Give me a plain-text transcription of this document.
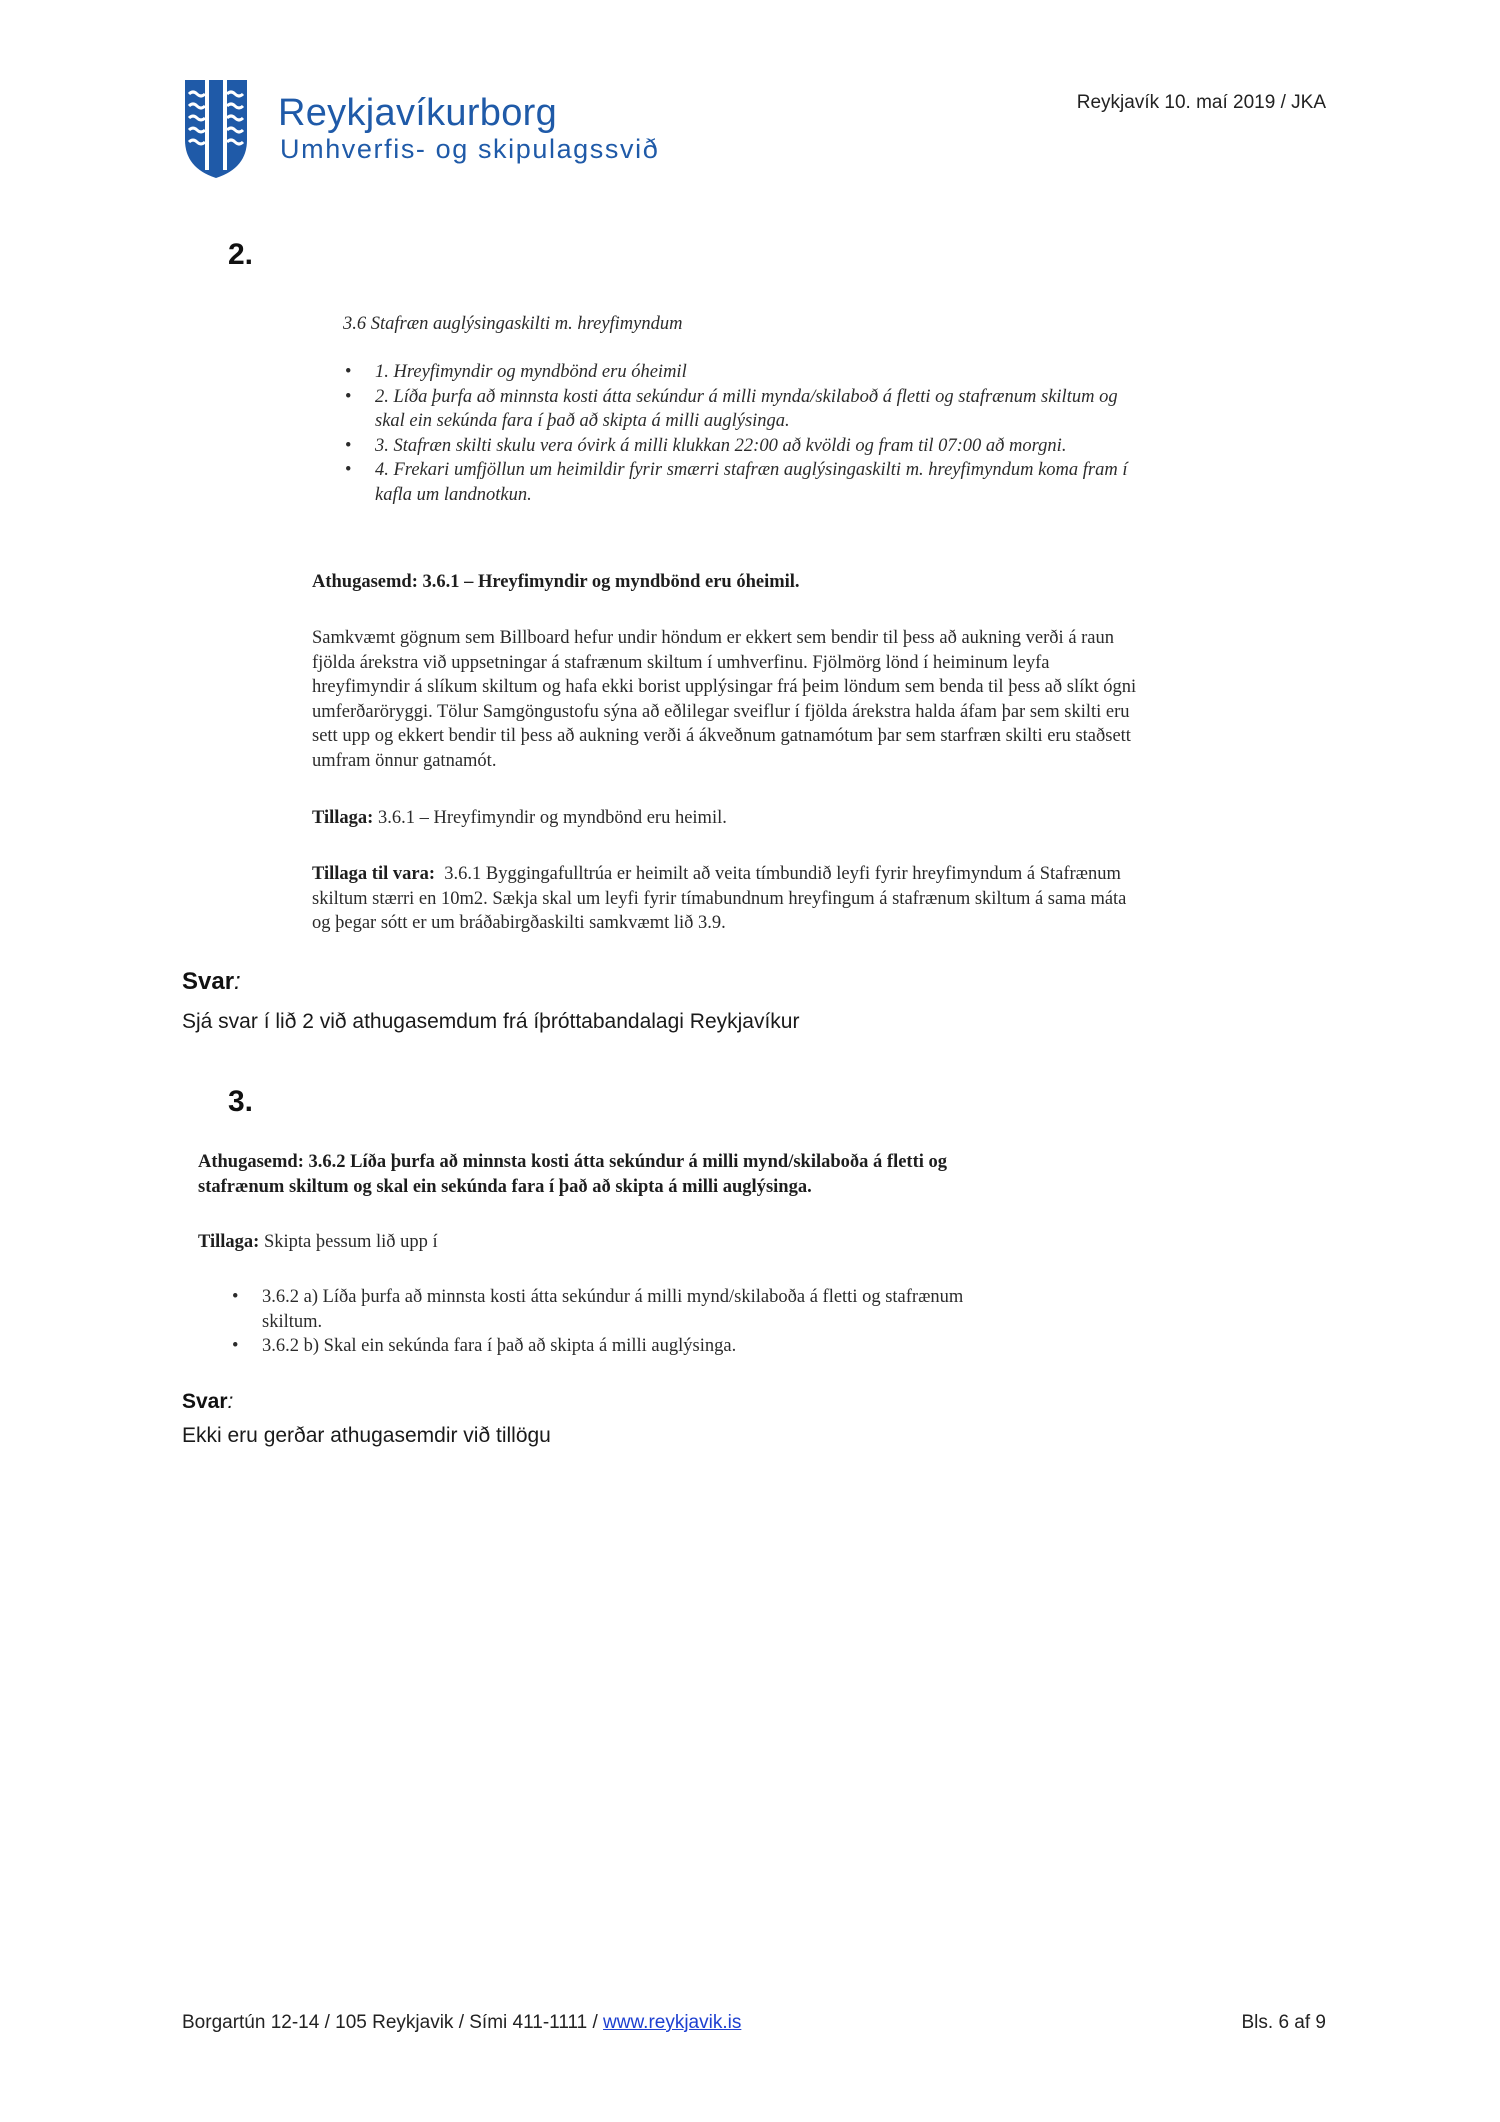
Reykjavíkurborg
Umhverfis- og skipulagssvið
Reykjavík 10. maí 2019 / JKA
2.
3.6 Stafræn auglýsingaskilti m. hreyfimyndum
• 1. Hreyfimyndir og myndbönd eru óheimil
• 2. Líða þurfa að minnsta kosti átta sekúndur á milli mynda/skilaboð á fletti og stafrænum skiltum og skal ein sekúnda fara í það að skipta á milli auglýsinga.
• 3. Stafræn skilti skulu vera óvirk á milli klukkan 22:00 að kvöldi og fram til 07:00 að morgni.
• 4. Frekari umfjöllun um heimildir fyrir smærri stafræn auglýsingaskilti m. hreyfimyndum koma fram í kafla um landnotkun.
Athugasemd: 3.6.1 – Hreyfimyndir og myndbönd eru óheimil.
Samkvæmt gögnum sem Billboard hefur undir höndum er ekkert sem bendir til þess að aukning verði á raun fjölda árekstra við uppsetningar á stafrænum skiltum í umhverfinu. Fjölmörg lönd í heiminum leyfa hreyfimyndir á slíkum skiltum og hafa ekki borist upplýsingar frá þeim löndum sem benda til þess að slíkt ógni umferðaröryggi. Tölur Samgöngustofu sýna að eðlilegar sveiflur í fjölda árekstra halda áfam þar sem skilti eru sett upp og ekkert bendir til þess að aukning verði á ákveðnum gatnamótum þar sem starfræn skilti eru staðsett umfram önnur gatnamót.
Tillaga: 3.6.1 – Hreyfimyndir og myndbönd eru heimil.
Tillaga til vara: 3.6.1 Byggingafulltrúa er heimilt að veita tímbundið leyfi fyrir hreyfimyndum á Stafrænum skiltum stærri en 10m2. Sækja skal um leyfi fyrir tímabundnum hreyfingum á stafrænum skiltum á sama máta og þegar sótt er um bráðabirgðaskilti samkvæmt lið 3.9.
Svar:
Sjá svar í lið 2 við athugasemdum frá íþróttabandalagi Reykjavíkur
3.
Athugasemd: 3.6.2 Líða þurfa að minnsta kosti átta sekúndur á milli mynd/skilaboða á fletti og stafrænum skiltum og skal ein sekúnda fara í það að skipta á milli auglýsinga.
Tillaga: Skipta þessum lið upp í
• 3.6.2 a) Líða þurfa að minnsta kosti átta sekúndur á milli mynd/skilaboða á fletti og stafrænum skiltum.
• 3.6.2 b) Skal ein sekúnda fara í það að skipta á milli auglýsinga.
Svar:
Ekki eru gerðar athugasemdir við tillögu
Borgartún 12-14 / 105 Reykjavik / Sími 411-1111 / www.reykjavik.is	Bls. 6 af 9
